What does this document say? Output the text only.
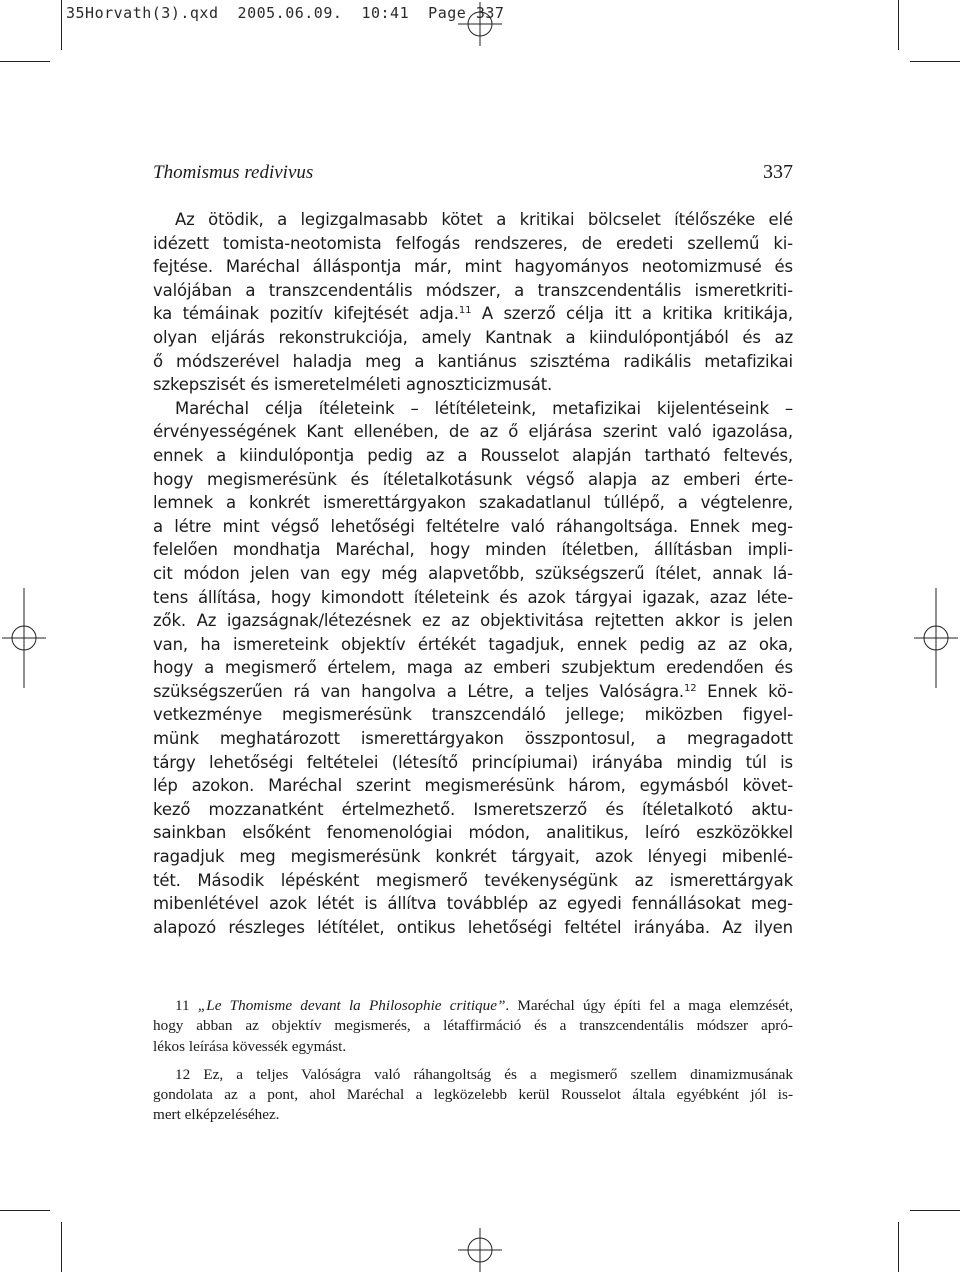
35Horvath(3).qxd  2005.06.09.  10:41  Page 337
Thomismus redivivus	337
Az ötödik, a legizgalmasabb kötet a kritikai bölcselet ítélőszéke elé
idézett tomista-neotomista felfogás rendszeres, de eredeti szellemű ki-
fejtése. Maréchal álláspontja már, mint hagyományos neotomizmusé és
valójában a transzcendentális módszer, a transzcendentális ismeretkriti-
ka témáinak pozitív kifejtését adja.$^{11}$ A szerző célja itt a kritika kritikája,
olyan eljárás rekonstrukciója, amely Kantnak a kiindulópontjából és az
ő módszerével haladja meg a kantiánus szisztéma radikális metafizikai
szkepszisét és ismeretelméleti agnoszticizmusát.
Maréchal célja ítéleteink – létítéleteink, metafizikai kijelentéseink –
érvényességének Kant ellenében, de az ő eljárása szerint való igazolása,
ennek a kiindulópontja pedig az a Rousselot alapján tartható feltevés,
hogy megismerésünk és ítéletalkotásunk végső alapja az emberi érte-
lemnek a konkrét ismerettárgyakon szakadatlanul túllépő, a végtelenre,
a létre mint végső lehetőségi feltételre való ráhangoltsága. Ennek meg-
felelően mondhatja Maréchal, hogy minden ítéletben, állításban impli-
cit módon jelen van egy még alapvetőbb, szükségszerű ítélet, annak lá-
tens állítása, hogy kimondott ítéleteink és azok tárgyai igazak, azaz léte-
zők. Az igazságnak/létezésnek ez az objektivitása rejtetten akkor is jelen
van, ha ismereteink objektív értékét tagadjuk, ennek pedig az az oka,
hogy a megismerő értelem, maga az emberi szubjektum eredendően és
szükségszerűen rá van hangolva a Létre, a teljes Valóságra.$^{12}$ Ennek kö-
vetkezménye megismerésünk transzcendáló jellege; miközben figyel-
münk meghatározott ismerettárgyakon összpontosul, a megragadott
tárgy lehetőségi feltételei (létesítő princípiumai) irányába mindig túl is
lép azokon. Maréchal szerint megismerésünk három, egymásból követ-
kező mozzanatként értelmezhető. Ismeretszerző és ítéletalkotó aktu-
sainkban elsőként fenomenológiai módon, analitikus, leíró eszközökkel
ragadjuk meg megismerésünk konkrét tárgyait, azok lényegi mibenlé-
tét. Második lépésként megismerő tevékenységünk az ismerettárgyak
mibenlétével azok létét is állítva továbblép az egyedi fennállásokat meg-
alapozó részleges létítélet, ontikus lehetőségi feltétel irányába. Az ilyen
11 „Le Thomisme devant la Philosophie critique”. Maréchal úgy építi fel a maga elemzését,
hogy abban az objektív megismerés, a létaffirmáció és a transzcendentális módszer apró-
lékos leírása kövessék egymást.
12 Ez, a teljes Valóságra való ráhangoltság és a megismerő szellem dinamizmusának
gondolata az a pont, ahol Maréchal a legközelebb kerül Rousselot általa egyébként jól is-
mert elképzeléséhez.
